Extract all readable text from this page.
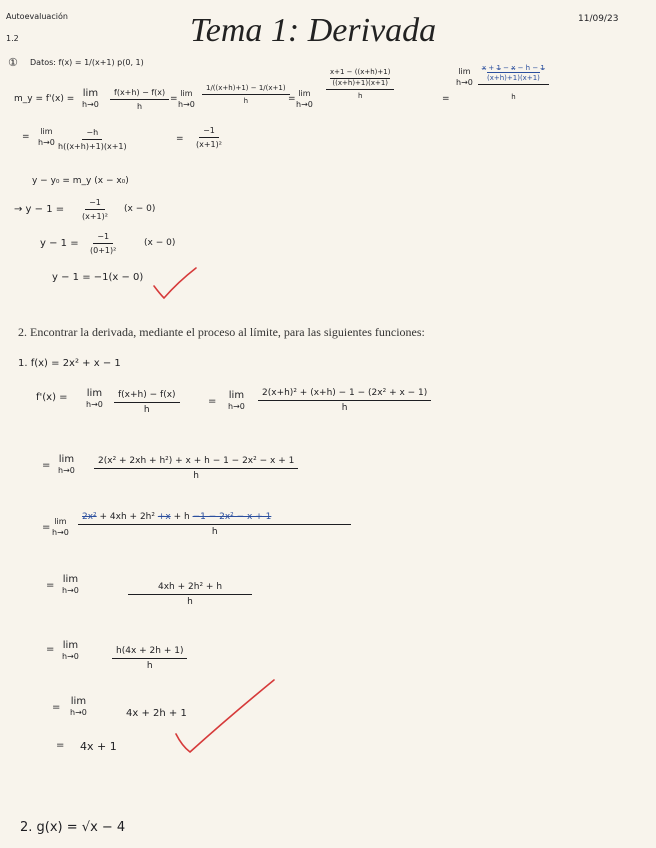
Autoevaluación
1.2	Tema 1: Derivada	11/09/23
① Datos: f(x) = 1/(x+1) p(0, 1)
m_y = f'(x) = lim
$h\to 0 \frac{f(x+h) - f(x)}{h}$ =
lim
$h\to 0 \frac{1/((x+h)+1) - 1/(x+1)}{h}$
=
lim
h→0
x+1 − ((x+h)+1)
((x+h)+1)(x+1)
h	=
lim
h→0 x̶ + 1̶ − x̶ − h − 1̶
(x+h)+1)(x+1)
h
=
lim
$h\to 0 \frac{-h}{h((x+h)+1)(x+1)}$	= $\frac{-1}{\text{(x+1)²}}$
y − y₀ = m_y (x − x₀)
→ $y - 1 = \frac{-1}{\text{(x+1)²}} (x - 0)$
$y - 1 = \frac{-1}{\text{(0+1)²}}$	(x − 0)
y − 1 = −1(x − 0)
2. Encontrar la derivada, mediante el proceso al límite, para las siguientes funciones:
1. f(x) = 2x² + x − 1
f'(x) = lim
$h\to 0 \frac{f(x+h) - f(x)}{h}$	=
lim
$h\to 0 \frac{\text{2(x+h)² + (x+h) − 1 − (2x² + x − 1)}}{h}$
=
lim
$h\to 0 \frac{\text{2(x² + 2xh + h²) + x + h − 1 − 2x² − x + 1}}{h}$
=
lim
$h\to 0 \frac{\text{2x² + 4xh + 2h² +x + h −1 − 2x² − x + 1}}{h}$
=
lim
h→0	$\frac{\text{4xh + 2h² + h}}{h}$
= lim
h→0	$\frac{h(4x + 2h + 1)}{h}$
=
lim
h→0	4x + 2h + 1
= 4x + 1
2. g(x) = √x − 4
